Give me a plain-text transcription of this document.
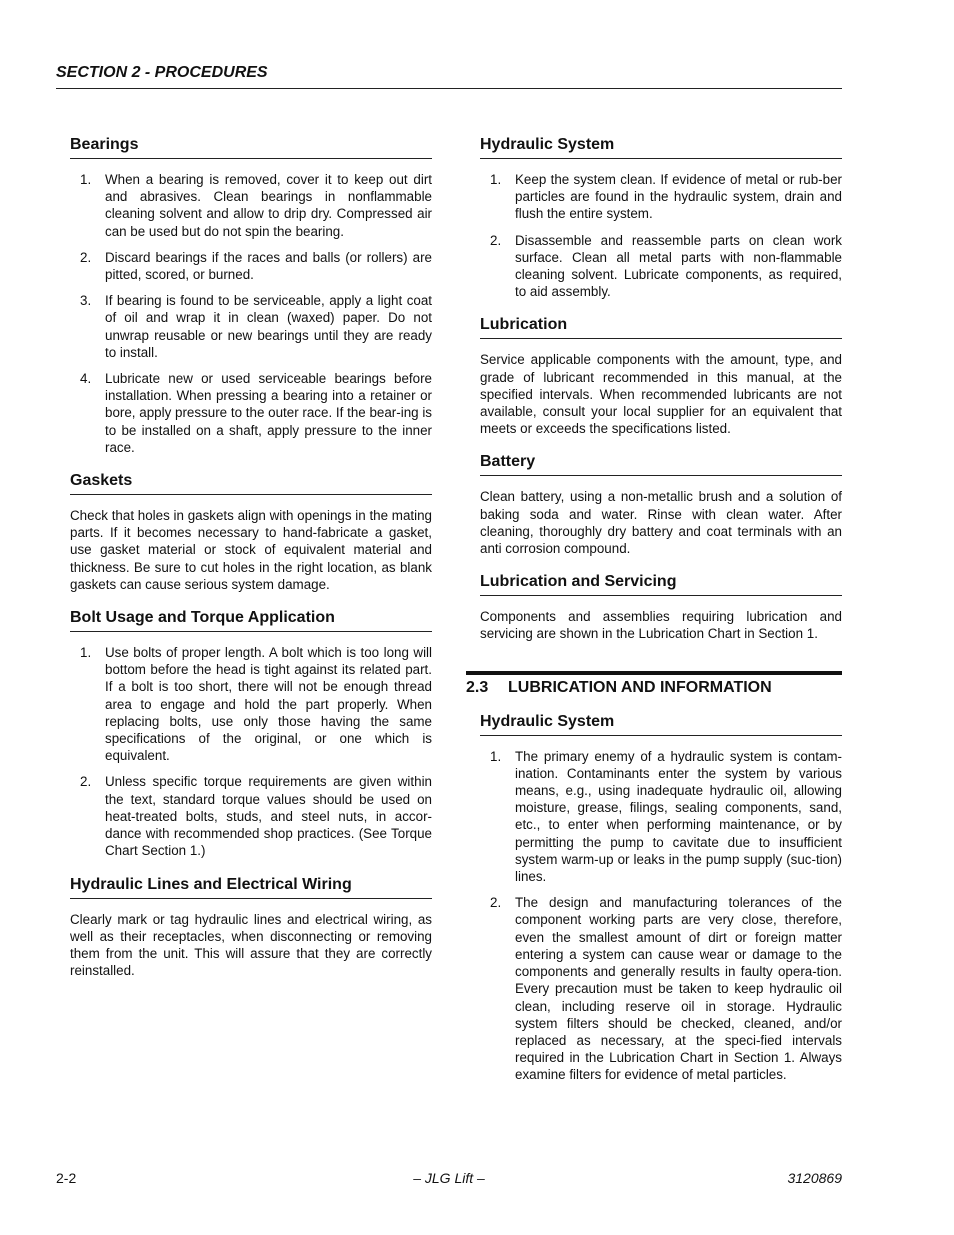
SECTION 2 - PROCEDURES
Bearings
1. When a bearing is removed, cover it to keep out dirt and abrasives. Clean bearings in nonflammable cleaning solvent and allow to drip dry. Compressed air can be used but do not spin the bearing.
2. Discard bearings if the races and balls (or rollers) are pitted, scored, or burned.
3. If bearing is found to be serviceable, apply a light coat of oil and wrap it in clean (waxed) paper. Do not unwrap reusable or new bearings until they are ready to install.
4. Lubricate new or used serviceable bearings before installation. When pressing a bearing into a retainer or bore, apply pressure to the outer race. If the bear-ing is to be installed on a shaft, apply pressure to the inner race.
Gaskets

Check that holes in gaskets align with openings in the mating parts. If it becomes necessary to hand-fabricate a gasket, use gasket material or stock of equivalent material and thickness. Be sure to cut holes in the right location, as blank gaskets can cause serious system damage.

Bolt Usage and Torque Application
1. Use bolts of proper length. A bolt which is too long will bottom before the head is tight against its related part. If a bolt is too short, there will not be enough thread area to engage and hold the part properly. When replacing bolts, use only those having the same specifications of the original, or one which is equivalent.
2. Unless specific torque requirements are given within the text, standard torque values should be used on heat-treated bolts, studs, and steel nuts, in accor-dance with recommended shop practices. (See Torque Chart Section 1.)
Hydraulic Lines and Electrical Wiring

Clearly mark or tag hydraulic lines and electrical wiring, as well as their receptacles, when disconnecting or removing them from the unit. This will assure that they are correctly reinstalled.

Hydraulic System
1. Keep the system clean. If evidence of metal or rub-ber particles are found in the hydraulic system, drain and flush the entire system.
2. Disassemble and reassemble parts on clean work surface. Clean all metal parts with non-flammable cleaning solvent. Lubricate components, as required, to aid assembly.
Lubrication

Service applicable components with the amount, type, and grade of lubricant recommended in this manual, at the specified intervals. When recommended lubricants are not available, consult your local supplier for an equivalent that meets or exceeds the specifications listed.

Battery

Clean battery, using a non-metallic brush and a solution of baking soda and water. Rinse with clean water. After cleaning, thoroughly dry battery and coat terminals with an anti corrosion compound.

Lubrication and Servicing

Components and assemblies requiring lubrication and servicing are shown in the Lubrication Chart in Section 1.

2.3 LUBRICATION AND INFORMATION
Hydraulic System
1. The primary enemy of a hydraulic system is contam-ination. Contaminants enter the system by various means, e.g., using inadequate hydraulic oil, allowing moisture, grease, filings, sealing components, sand, etc., to enter when performing maintenance, or by permitting the pump to cavitate due to insufficient system warm-up or leaks in the pump supply (suc-tion) lines.
2. The design and manufacturing tolerances of the component working parts are very close, therefore, even the smallest amount of dirt or foreign matter entering a system can cause wear or damage to the components and generally results in faulty opera-tion. Every precaution must be taken to keep hydraulic oil clean, including reserve oil in storage. Hydraulic system filters should be checked, cleaned, and/or replaced as necessary, at the speci-fied intervals required in the Lubrication Chart in Section 1. Always examine filters for evidence of metal particles.
2-2	– JLG Lift –	3120869
